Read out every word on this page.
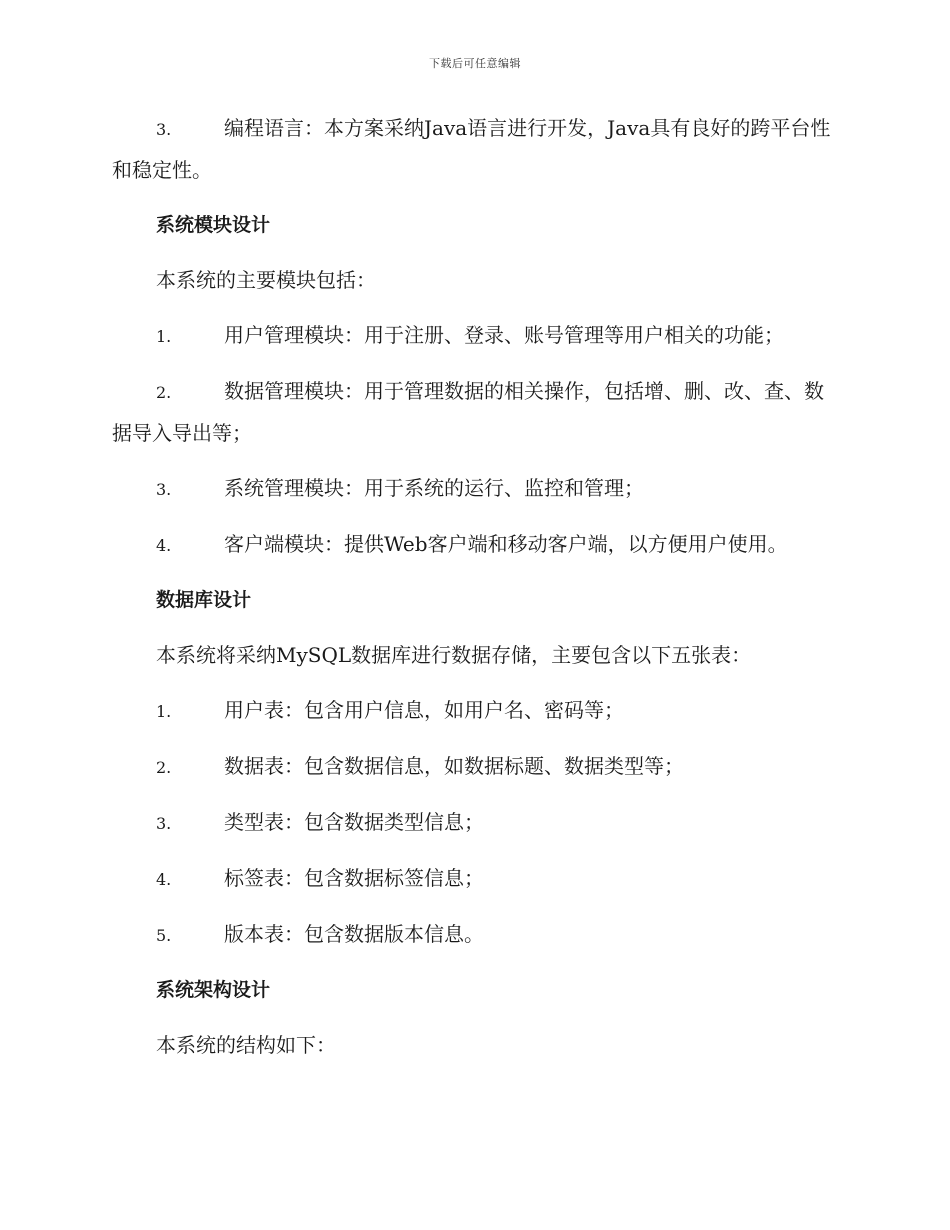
下载后可任意编辑
3.	编程语言：本方案采纳Java语言进行开发，Java具有良好的跨平台性和稳定性。
系统模块设计
本系统的主要模块包括：
1.	用户管理模块：用于注册、登录、账号管理等用户相关的功能；
2.	数据管理模块：用于管理数据的相关操作，包括增、删、改、查、数据导入导出等；
3.	系统管理模块：用于系统的运行、监控和管理；
4.	客户端模块：提供Web客户端和移动客户端，以方便用户使用。
数据库设计
本系统将采纳MySQL数据库进行数据存储，主要包含以下五张表：
1.	用户表：包含用户信息，如用户名、密码等；
2.	数据表：包含数据信息，如数据标题、数据类型等；
3.	类型表：包含数据类型信息；
4.	标签表：包含数据标签信息；
5.	版本表：包含数据版本信息。
系统架构设计
本系统的结构如下：
